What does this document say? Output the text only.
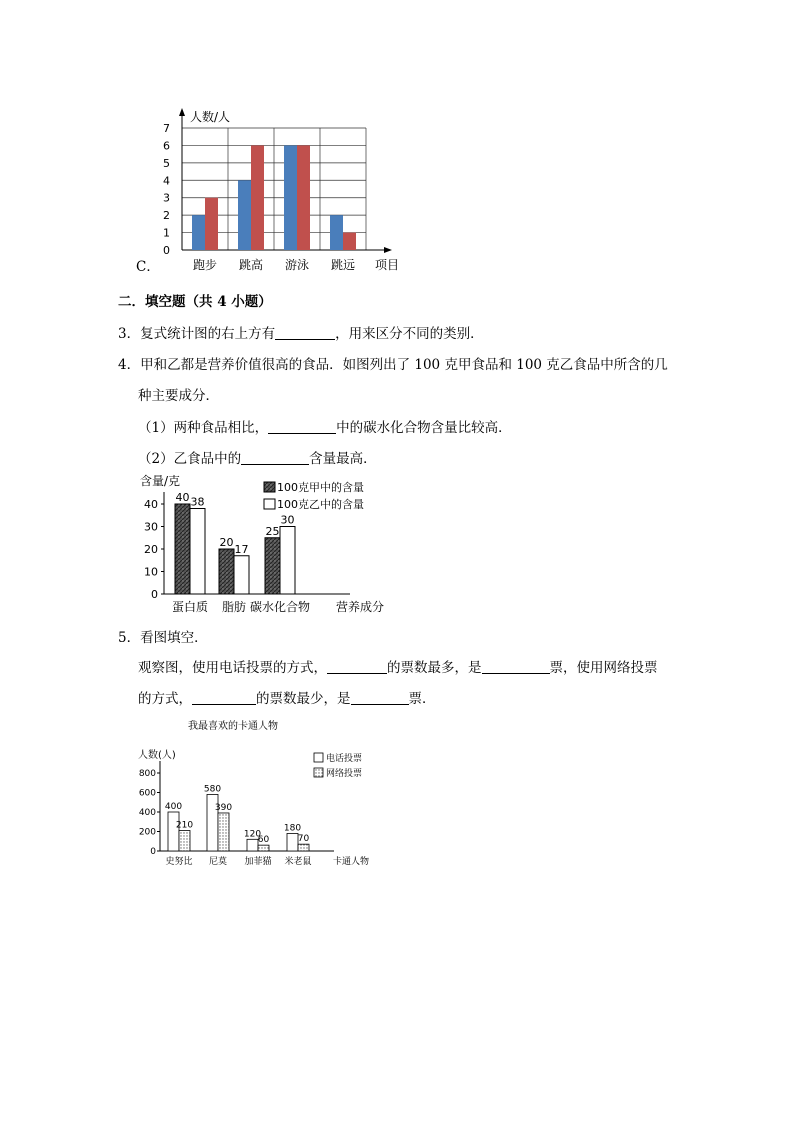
0
1
2
3
4
5
6
7
人数/人
项目
跑步 跳高 游泳 跳远
C．
二．填空题（共 4 小题）
3．复式统计图的右上方有	，用来区分不同的类别．
4．甲和乙都是营养价值很高的食品．如图列出了 100 克甲食品和 100 克乙食品中所含的几
种主要成分．
（1）两种食品相比，	中的碳水化合物含量比较高．
（2）乙食品中的	含量最高．
0
10
20
30
40
含量/克
蛋白质
40 38
脂肪
20
17
碳水化合物
25
30
营养成分
100克甲中的含量
100克乙中的含量
5．看图填空．
观察图，使用电话投票的方式，	的票数最多，是	票，使用网络投票
的方式，	的票数最少，是	票．
我最喜欢的卡通人物
0
200
400
600
800
人数(人)
史努比
400
210
尼莫
580
390
加菲猫
120
60
米老鼠
180
70
卡通人物
电话投票
网络投票
